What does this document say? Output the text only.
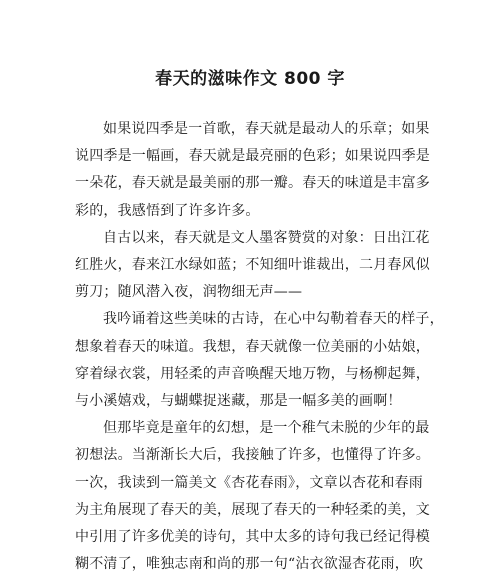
春天的滋味作文 800 字
如果说四季是一首歌，春天就是最动人的乐章；如果
说四季是一幅画，春天就是最亮丽的色彩；如果说四季是
一朵花，春天就是最美丽的那一瓣。春天的味道是丰富多
彩的，我感悟到了许多许多。
自古以来，春天就是文人墨客赞赏的对象：日出江花
红胜火，春来江水绿如蓝；不知细叶谁裁出，二月春风似
剪刀；随风潜入夜，润物细无声——
我吟诵着这些美味的古诗，在心中勾勒着春天的样子，
想象着春天的味道。我想，春天就像一位美丽的小姑娘，
穿着绿衣裳，用轻柔的声音唤醒天地万物，与杨柳起舞，
与小溪嬉戏，与蝴蝶捉迷藏，那是一幅多美的画啊！
但那毕竟是童年的幻想，是一个稚气未脱的少年的最
初想法。当渐渐长大后，我接触了许多，也懂得了许多。
一次，我读到一篇美文《杏花春雨》，文章以杏花和春雨
为主角展现了春天的美，展现了春天的一种轻柔的美，文
中引用了许多优美的诗句，其中太多的诗句我已经记得模
糊不清了，唯独志南和尚的那一句“沾衣欲湿杏花雨，吹
